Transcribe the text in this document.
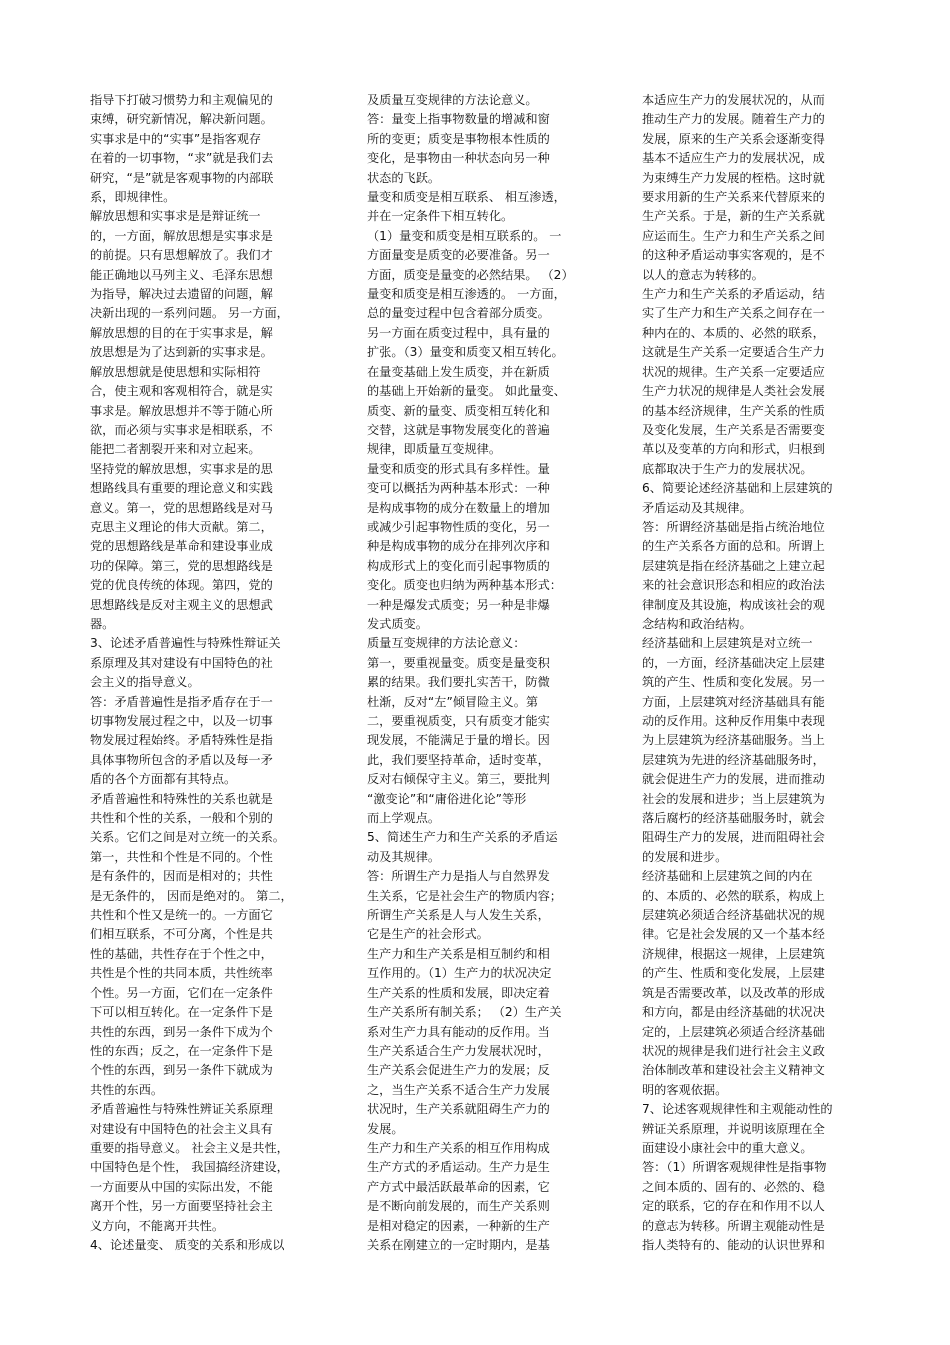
指导下打破习惯势力和主观偏见的

束缚，研究新情况，解决新问题。

实事求是中的“实事”是指客观存

在着的一切事物，“求”就是我们去

研究，“是”就是客观事物的内部联

系，即规律性。

解放思想和实事求是是辩证统一

的，一方面，解放思想是实事求是

的前提。只有思想解放了。我们才

能正确地以马列主义、毛泽东思想

为指导，解决过去遗留的问题，解

决新出现的一系列问题。 另一方面，

解放思想的目的在于实事求是，解

放思想是为了达到新的实事求是。

解放思想就是使思想和实际相符

合，使主观和客观相符合，就是实

事求是。解放思想并不等于随心所

欲，而必须与实事求是相联系，不

能把二者割裂开来和对立起来。

坚持党的解放思想，实事求是的思

想路线具有重要的理论意义和实践

意义。第一，党的思想路线是对马

克思主义理论的伟大贡献。第二，

党的思想路线是革命和建设事业成

功的保障。第三，党的思想路线是

党的优良传统的体现。第四，党的

思想路线是反对主观主义的思想武

器。

3、论述矛盾普遍性与特殊性辩证关

系原理及其对建设有中国特色的社

会主义的指导意义。

答：矛盾普遍性是指矛盾存在于一

切事物发展过程之中，以及一切事

物发展过程始终。矛盾特殊性是指

具体事物所包含的矛盾以及每一矛

盾的各个方面都有其特点。

矛盾普遍性和特殊性的关系也就是

共性和个性的关系，一般和个别的

关系。它们之间是对立统一的关系。

第一，共性和个性是不同的。个性

是有条件的，因而是相对的；共性

是无条件的， 因而是绝对的。 第二，

共性和个性又是统一的。一方面它

们相互联系，不可分离，个性是共

性的基础，共性存在于个性之中，

共性是个性的共同本质，共性统率

个性。另一方面，它们在一定条件

下可以相互转化。在一定条件下是

共性的东西，到另一条件下成为个

性的东西；反之，在一定条件下是

个性的东西，到另一条件下就成为

共性的东西。

矛盾普遍性与特殊性辨证关系原理

对建设有中国特色的社会主义具有

重要的指导意义。 社会主义是共性，

中国特色是个性， 我国搞经济建设，

一方面要从中国的实际出发，不能

离开个性，另一方面要坚持社会主

义方向，不能离开共性。

4、论述量变、 质变的关系和形成以

及质量互变规律的方法论意义。

答：量变上指事物数量的增减和窗

所的变更；质变是事物根本性质的

变化，是事物由一种状态向另一种

状态的飞跃。

量变和质变是相互联系、 相互渗透，

并在一定条件下相互转化。

（1）量变和质变是相互联系的。 一

方面量变是质变的必要准备。另一

方面，质变是量变的必然结果。 （2）

量变和质变是相互渗透的。 一方面，

总的量变过程中包含着部分质变。

另一方面在质变过程中，具有量的

扩张。（3）量变和质变又相互转化。

在量变基础上发生质变，并在新质

的基础上开始新的量变。 如此量变、

质变、新的量变、质变相互转化和

交替，这就是事物发展变化的普遍

规律，即质量互变规律。

量变和质变的形式具有多样性。量

变可以概括为两种基本形式：一种

是构成事物的成分在数量上的增加

或减少引起事物性质的变化，另一

种是构成事物的成分在排列次序和

构成形式上的变化而引起事物质的

变化。质变也归纳为两种基本形式：

一种是爆发式质变；另一种是非爆

发式质变。

质量互变规律的方法论意义：

第一，要重视量变。质变是量变积

累的结果。我们要扎实苦干，防微

杜渐，反对“左”倾冒险主义。第

二，要重视质变，只有质变才能实

现发展，不能满足于量的增长。因

此，我们要坚持革命，适时变革，

反对右倾保守主义。第三，要批判

“激变论”和“庸俗进化论”等形

而上学观点。

5、简述生产力和生产关系的矛盾运

动及其规律。

答：所谓生产力是指人与自然界发

生关系，它是社会生产的物质内容；

所谓生产关系是人与人发生关系，

它是生产的社会形式。

生产力和生产关系是相互制约和相

互作用的。（1）生产力的状况决定

生产关系的性质和发展，即决定着

生产关系所有制关系； （2）生产关

系对生产力具有能动的反作用。当

生产关系适合生产力发展状况时，

生产关系会促进生产力的发展；反

之，当生产关系不适合生产力发展

状况时，生产关系就阻碍生产力的

发展。

生产力和生产关系的相互作用构成

生产方式的矛盾运动。生产力是生

产方式中最活跃最革命的因素，它

是不断向前发展的，而生产关系则

是相对稳定的因素，一种新的生产

关系在刚建立的一定时期内，是基

本适应生产力的发展状况的，从而

推动生产力的发展。随着生产力的

发展，原来的生产关系会逐渐变得

基本不适应生产力的发展状况，成

为束缚生产力发展的桎梏。这时就

要求用新的生产关系来代替原来的

生产关系。于是，新的生产关系就

应运而生。生产力和生产关系之间

的这种矛盾运动事实客观的，是不

以人的意志为转移的。

生产力和生产关系的矛盾运动，结

实了生产力和生产关系之间存在一

种内在的、本质的、必然的联系，

这就是生产关系一定要适合生产力

状况的规律。生产关系一定要适应

生产力状况的规律是人类社会发展

的基本经济规律，生产关系的性质

及变化发展，生产关系是否需要变

革以及变革的方向和形式，归根到

底都取决于生产力的发展状况。

6、简要论述经济基础和上层建筑的

矛盾运动及其规律。

答：所谓经济基础是指占统治地位

的生产关系各方面的总和。所谓上

层建筑是指在经济基础之上建立起

来的社会意识形态和相应的政治法

律制度及其设施，构成该社会的观

念结构和政治结构。

经济基础和上层建筑是对立统一

的，一方面，经济基础决定上层建

筑的产生、性质和变化发展。另一

方面，上层建筑对经济基础具有能

动的反作用。这种反作用集中表现

为上层建筑为经济基础服务。当上

层建筑为先进的经济基础服务时，

就会促进生产力的发展，进而推动

社会的发展和进步；当上层建筑为

落后腐朽的经济基础服务时，就会

阻碍生产力的发展，进而阻碍社会

的发展和进步。

经济基础和上层建筑之间的内在

的、本质的、必然的联系，构成上

层建筑必须适合经济基础状况的规

律。它是社会发展的又一个基本经

济规律，根据这一规律，上层建筑

的产生、性质和变化发展，上层建

筑是否需要改革，以及改革的形成

和方向，都是由经济基础的状况决

定的，上层建筑必须适合经济基础

状况的规律是我们进行社会主义政

治体制改革和建设社会主义精神文

明的客观依据。

7、论述客观规律性和主观能动性的

辨证关系原理，并说明该原理在全

面建设小康社会中的重大意义。

答：（1）所谓客观规律性是指事物

之间本质的、固有的、必然的、稳

定的联系，它的存在和作用不以人

的意志为转移。所谓主观能动性是

指人类特有的、能动的认识世界和
